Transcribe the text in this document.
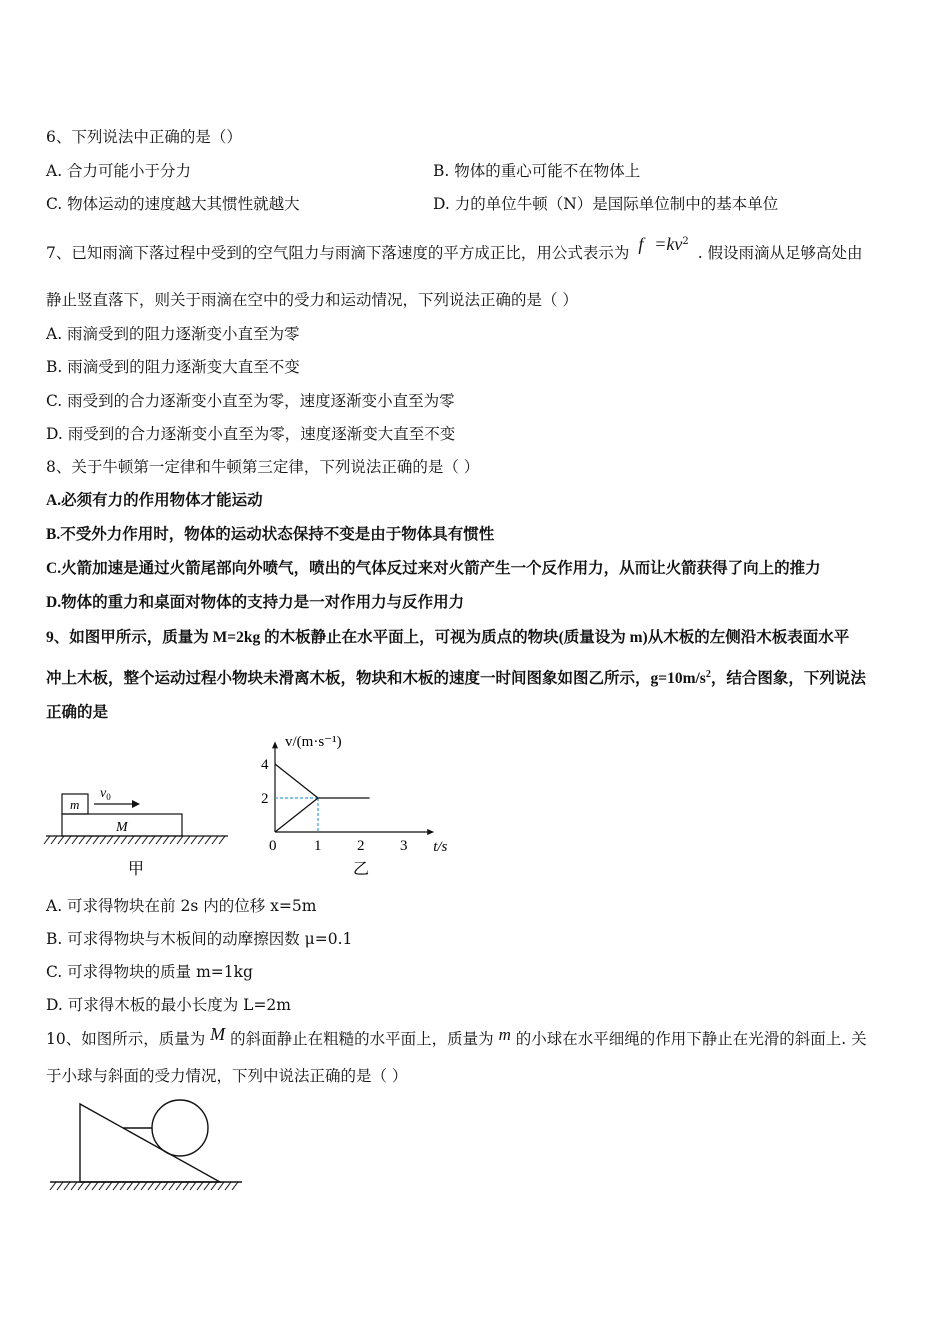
6、下列说法中正确的是（）
A. 合力可能小于分力	B. 物体的重心可能不在物体上
C. 物体运动的速度越大其惯性就越大	D. 力的单位牛顿（N）是国际单位制中的基本单位
7、已知雨滴下落过程中受到的空气阻力与雨滴下落速度的平方成正比，用公式表示为 $f =kv^2$ . 假设雨滴从足够高处由
静止竖直落下，则关于雨滴在空中的受力和运动情况，下列说法正确的是（ ）
A. 雨滴受到的阻力逐渐变小直至为零
B. 雨滴受到的阻力逐渐变大直至不变
C. 雨受到的合力逐渐变小直至为零，速度逐渐变小直至为零
D. 雨受到的合力逐渐变小直至为零，速度逐渐变大直至不变
8、关于牛顿第一定律和牛顿第三定律，下列说法正确的是（ ）
A.必须有力的作用物体才能运动
B.不受外力作用时，物体的运动状态保持不变是由于物体具有惯性
C.火箭加速是通过火箭尾部向外喷气，喷出的气体反过来对火箭产生一个反作用力，从而让火箭获得了向上的推力
D.物体的重力和桌面对物体的支持力是一对作用力与反作用力
9、如图甲所示，质量为 M=2kg 的木板静止在水平面上，可视为质点的物块(质量设为 m)从木板的左侧沿木板表面水平
冲上木板，整个运动过程小物块未滑离木板，物块和木板的速度一时间图象如图乙所示，$g=10m/s^2$，结合图象，下列说法
正确的是
m
M
$v_0$
甲
0	1 2 3
2
4
t/s
v/(m·s⁻¹)
乙
A. 可求得物块在前 2s 内的位移 x=5m
B. 可求得物块与木板间的动摩擦因数 μ=0.1
C. 可求得物块的质量 m=1kg
D. 可求得木板的最小长度为 L=2m
10、如图所示，质量为 M 的斜面静止在粗糙的水平面上，质量为 m 的小球在水平细绳的作用下静止在光滑的斜面上. 关
于小球与斜面的受力情况，下列中说法正确的是（ ）
